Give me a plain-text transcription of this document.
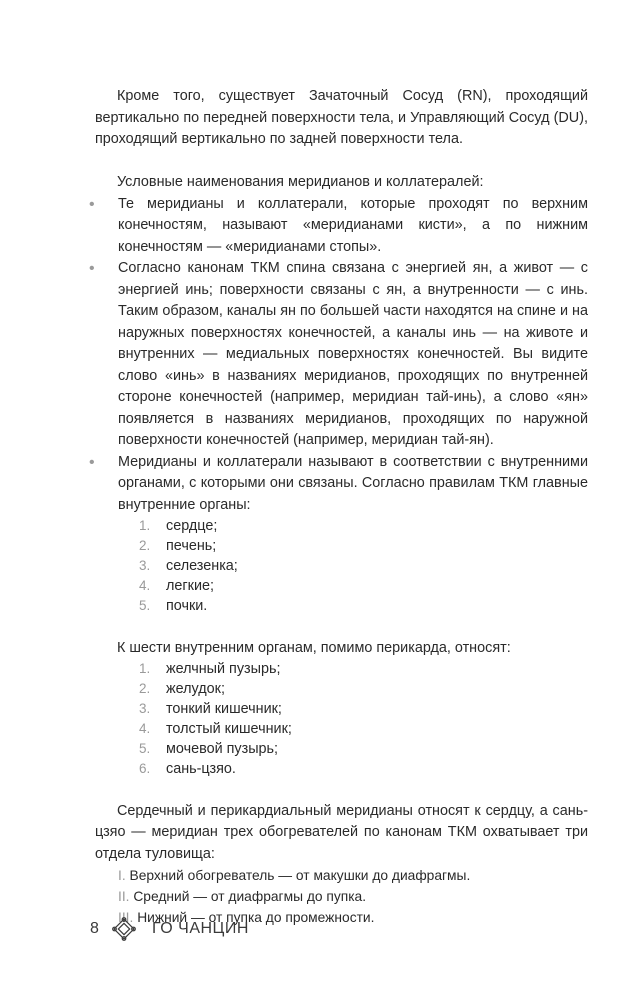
Кроме того, существует Зачаточный Сосуд (RN), проходящий вертикально по передней поверхности тела, и Управляющий Сосуд (DU), проходящий вертикально по задней поверхности тела.

Условные наименования меридианов и коллатералей:

• Те меридианы и коллатерали, которые проходят по верхним конечностям, называют «меридианами кисти», а по нижним конечностям — «меридианами стопы».
• Согласно канонам ТКМ спина связана с энергией ян, а живот — с энергией инь; поверхности связаны с ян, а внутренности — с инь. Таким образом, каналы ян по большей части находятся на спине и на наружных поверхностях конечностей, а каналы инь — на животе и внутренних — медиальных поверхностях конечностей. Вы видите слово «инь» в названиях меридианов, проходящих по внутренней стороне конечностей (например, меридиан тай-инь), а слово «ян» появляется в названиях меридианов, проходящих по наружной поверхности конечностей (например, меридиан тай-ян).
• Меридианы и коллатерали называют в соответствии с внутренними органами, с которыми они связаны. Согласно правилам ТКМ главные внутренние органы:
1. сердце;
2. печень;
3. селезенка;
4. легкие;
5. почки.

К шести внутренним органам, помимо перикарда, относят:

1. желчный пузырь;
2. желудок;
3. тонкий кишечник;
4. толстый кишечник;
5. мочевой пузырь;
6. сань-цзяо.

Сердечный и перикардиальный меридианы относят к сердцу, а сань-цзяо — меридиан трех обогревателей по канонам ТКМ охватывает три отдела туловища:

I. Верхний обогреватель — от макушки до диафрагмы.
II. Средний — от диафрагмы до пупка.
III. Нижний — от пупка до промежности.
8	ГО ЧАНЦИН
